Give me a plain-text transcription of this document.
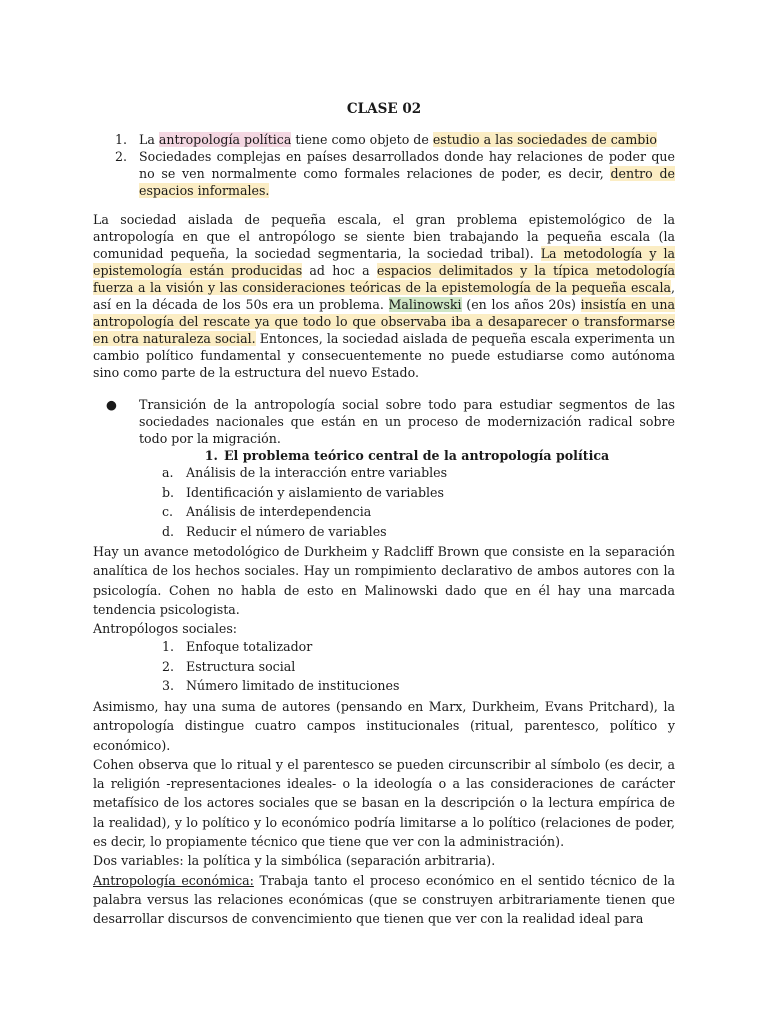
CLASE 02
1. La antropología política tiene como objeto de estudio a las sociedades de cambio
2. Sociedades complejas en países desarrollados donde hay relaciones de poder que no se ven normalmente como formales relaciones de poder, es decir, dentro de espacios informales.

La sociedad aislada de pequeña escala, el gran problema epistemológico de la antropología en que el antropólogo se siente bien trabajando la pequeña escala (la comunidad pequeña, la sociedad segmentaria, la sociedad tribal). La metodología y la epistemología están producidas ad hoc a espacios delimitados y la típica metodología fuerza a la visión y las consideraciones teóricas de la epistemología de la pequeña escala, así en la década de los 50s era un problema. Malinowski (en los años 20s) insistía en una antropología del rescate ya que todo lo que observaba iba a desaparecer o transformarse en otra naturaleza social. Entonces, la sociedad aislada de pequeña escala experimenta un cambio político fundamental y consecuentemente no puede estudiarse como autónoma sino como parte de la estructura del nuevo Estado.

● Transición de la antropología social sobre todo para estudiar segmentos de las sociedades nacionales que están en un proceso de modernización radical sobre todo por la migración.
1. El problema teórico central de la antropología política
a. Análisis de la interacción entre variables
b. Identificación y aislamiento de variables
c. Análisis de interdependencia
d. Reducir el número de variables

Hay un avance metodológico de Durkheim y Radcliff Brown que consiste en la separación analítica de los hechos sociales. Hay un rompimiento declarativo de ambos autores con la psicología. Cohen no habla de esto en Malinowski dado que en él hay una marcada tendencia psicologista.

Antropólogos sociales:

1. Enfoque totalizador
2. Estructura social
3. Número limitado de instituciones

Asimismo, hay una suma de autores (pensando en Marx, Durkheim, Evans Pritchard), la antropología distingue cuatro campos institucionales (ritual, parentesco, político y económico).

Cohen observa que lo ritual y el parentesco se pueden circunscribir al símbolo (es decir, a la religión -representaciones ideales- o la ideología o a las consideraciones de carácter metafísico de los actores sociales que se basan en la descripción o la lectura empírica de la realidad), y lo político y lo económico podría limitarse a lo político (relaciones de poder, es decir, lo propiamente técnico que tiene que ver con la administración).

Dos variables: la política y la simbólica (separación arbitraria).

Antropología económica: Trabaja tanto el proceso económico en el sentido técnico de la palabra versus las relaciones económicas (que se construyen arbitrariamente tienen que desarrollar discursos de convencimiento que tienen que ver con la realidad ideal para
